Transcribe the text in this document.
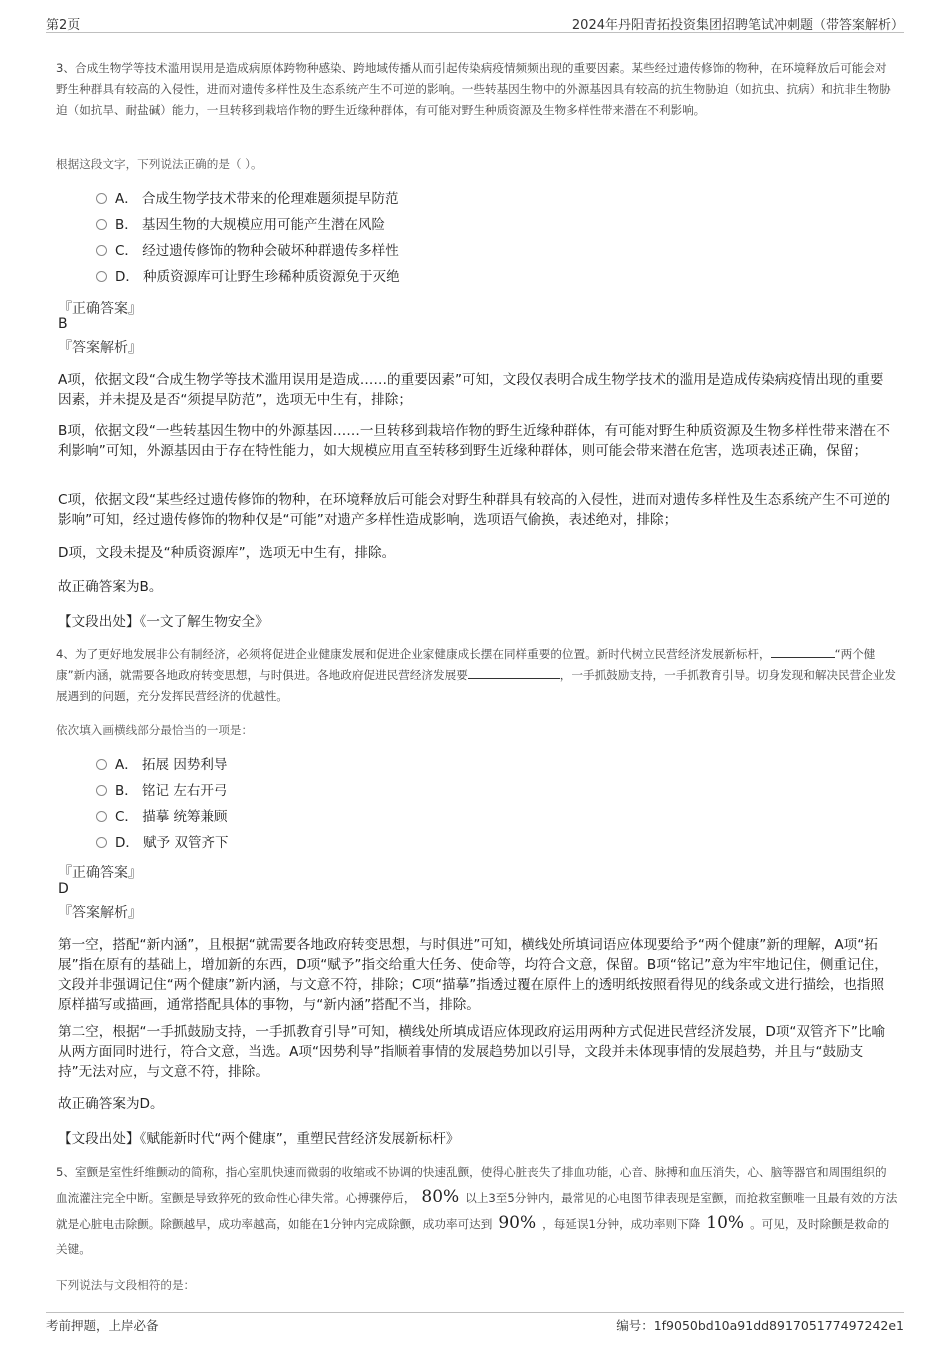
第2页	2024年丹阳青拓投资集团招聘笔试冲刺题（带答案解析）
3、合成生物学等技术滥用误用是造成病原体跨物种感染、跨地域传播从而引起传染病疫情频频出现的重要因素。某些经过遗传修饰的物种，在环境释放后可能会对野生种群具有较高的入侵性，进而对遗传多样性及生态系统产生不可逆的影响。一些转基因生物中的外源基因具有较高的抗生物胁迫（如抗虫、抗病）和抗非生物胁迫（如抗旱、耐盐碱）能力，一旦转移到栽培作物的野生近缘种群体，有可能对野生种质资源及生物多样性带来潜在不利影响。
根据这段文字，下列说法正确的是（ ）。
A． 合成生物学技术带来的伦理难题须提早防范
B． 基因生物的大规模应用可能产生潜在风险
C． 经过遗传修饰的物种会破坏种群遗传多样性
D． 种质资源库可让野生珍稀种质资源免于灭绝
『正确答案』
B
『答案解析』
A项，依据文段“合成生物学等技术滥用误用是造成……的重要因素”可知，文段仅表明合成生物学技术的滥用是造成传染病疫情出现的重要因素，并未提及是否“须提早防范”，选项无中生有，排除；
B项，依据文段“一些转基因生物中的外源基因……一旦转移到栽培作物的野生近缘种群体，有可能对野生种质资源及生物多样性带来潜在不利影响”可知，外源基因由于存在特性能力，如大规模应用直至转移到野生近缘种群体，则可能会带来潜在危害，选项表述正确，保留；
C项，依据文段“某些经过遗传修饰的物种，在环境释放后可能会对野生种群具有较高的入侵性，进而对遗传多样性及生态系统产生不可逆的影响”可知，经过遗传修饰的物种仅是“可能”对遗产多样性造成影响，选项语气偷换，表述绝对，排除；
D项，文段未提及“种质资源库”，选项无中生有，排除。
故正确答案为B。
【文段出处】《一文了解生物安全》
4、为了更好地发展非公有制经济，必须将促进企业健康发展和促进企业家健康成长摆在同样重要的位置。新时代树立民营经济发展新标杆，	“两个健康”新内涵，就需要各地政府转变思想，与时俱进。各地政府促进民营经济发展要	，一手抓鼓励支持，一手抓教育引导。切身发现和解决民营企业发展遇到的问题，充分发挥民营经济的优越性。
依次填入画横线部分最恰当的一项是：
A． 拓展 因势利导
B． 铭记 左右开弓
C． 描摹 统筹兼顾
D． 赋予 双管齐下
『正确答案』
D
『答案解析』
第一空，搭配“新内涵”，且根据“就需要各地政府转变思想，与时俱进”可知，横线处所填词语应体现要给予“两个健康”新的理解，A项“拓展”指在原有的基础上，增加新的东西，D项“赋予”指交给重大任务、使命等，均符合文意，保留。B项“铭记”意为牢牢地记住，侧重记住，文段并非强调记住“两个健康”新内涵，与文意不符，排除；C项“描摹”指透过覆在原件上的透明纸按照看得见的线条或文进行描绘，也指照原样描写或描画，通常搭配具体的事物，与“新内涵”搭配不当，排除。
第二空，根据“一手抓鼓励支持，一手抓教育引导”可知，横线处所填成语应体现政府运用两种方式促进民营经济发展，D项“双管齐下”比喻从两方面同时进行，符合文意，当选。A项“因势利导”指顺着事情的发展趋势加以引导，文段并未体现事情的发展趋势，并且与“鼓励支持”无法对应，与文意不符，排除。
故正确答案为D。
【文段出处】《赋能新时代“两个健康”，重塑民营经济发展新标杆》
5、室颤是室性纤维颤动的简称，指心室肌快速而微弱的收缩或不协调的快速乱颤，使得心脏丧失了排血功能，心音、脉搏和血压消失，心、脑等器官和周围组织的血流灌注完全中断。室颤是导致猝死的致命性心律失常。心搏骤停后， 80% 以上3至5分钟内，最常见的心电图节律表现是室颤，而抢救室颤唯一且最有效的方法就是心脏电击除颤。除颤越早，成功率越高，如能在1分钟内完成除颤，成功率可达到 90% ，每延误1分钟，成功率则下降 10% 。可见，及时除颤是救命的关键。
下列说法与文段相符的是：
考前押题，上岸必备	编号：1f9050bd10a91dd891705177497242e1
